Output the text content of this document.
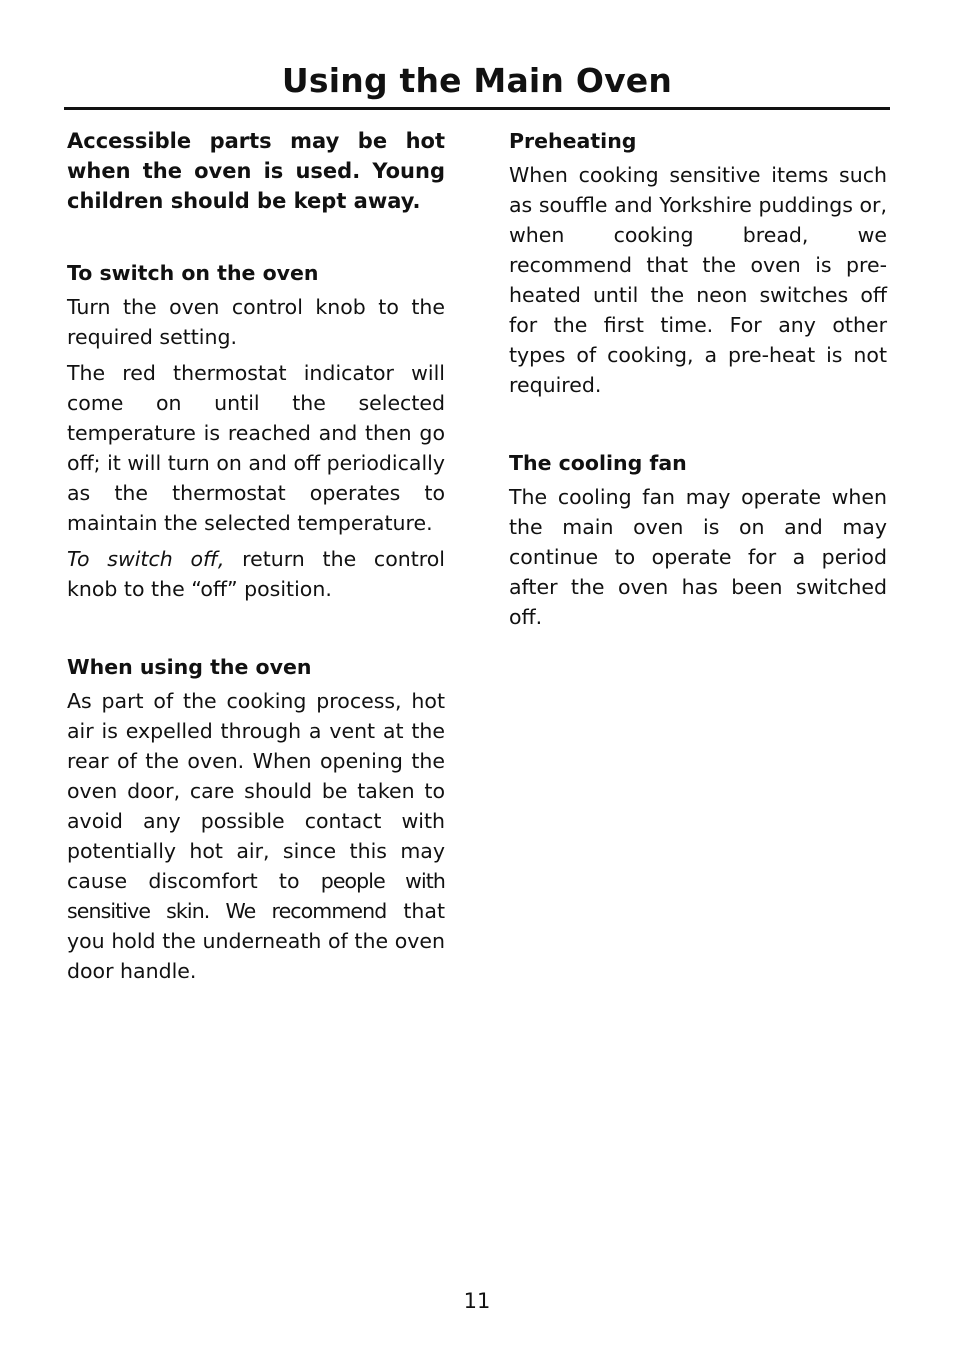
Using the Main Oven

Accessible parts may be hot when the oven is used. Young children should be kept away.

To switch on the oven

Turn the oven control knob to the required setting.

The red thermostat indicator will come on until the selected temperature is reached and then go off; it will turn on and off periodically as the thermostat operates to maintain the selected temperature.

To switch off, return the control knob to the “off” position.

When using the oven

As part of the cooking process, hot air is expelled through a vent at the rear of the oven. When opening the oven door, care should be taken to avoid any possible contact with potentially hot air, since this may cause discomfort to people with sensitive skin. We recommend that you hold the underneath of the oven door handle.

Preheating

When cooking sensitive items such as souffle and Yorkshire puddings or, when cooking bread, we recommend that the oven is pre-heated until the neon switches off for the first time. For any other types of cooking, a pre-heat is not required.

The cooling fan

The cooling fan may operate when the main oven is on and may continue to operate for a period after the oven has been switched off.

11
